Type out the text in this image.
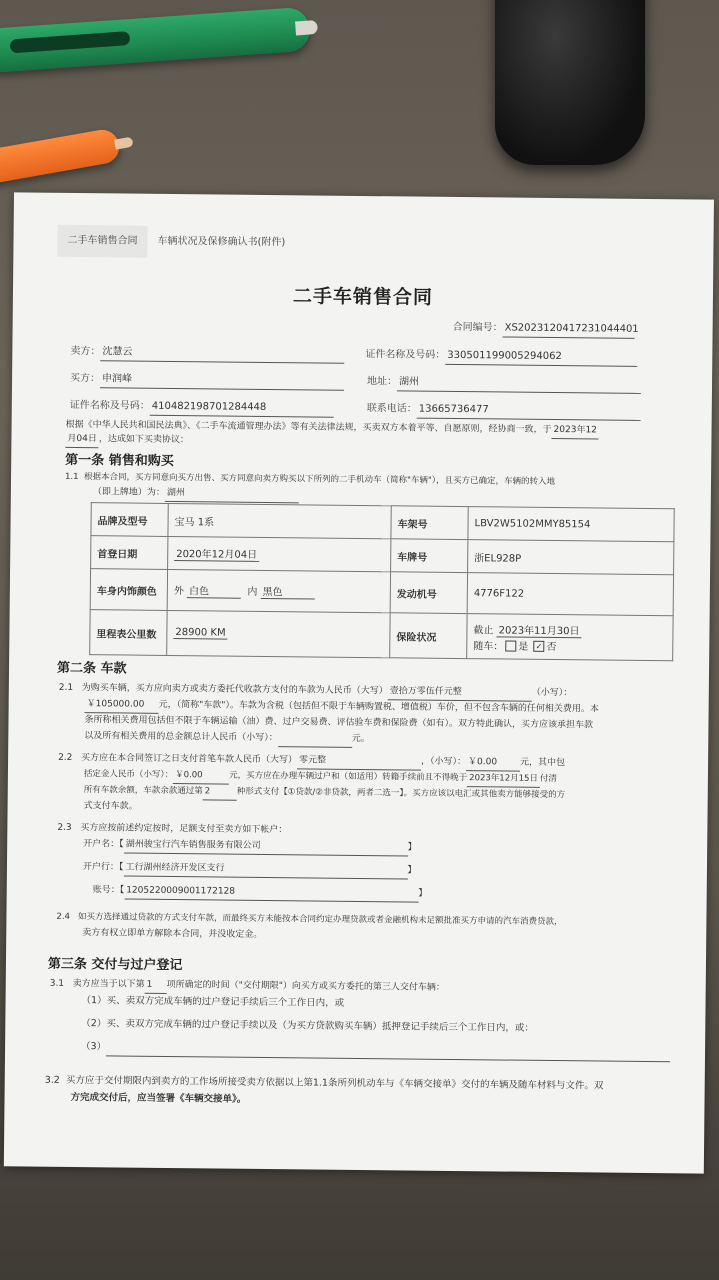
二手车销售合同	车辆状况及保修确认书(附件)
二手车销售合同
合同编号： XS2023120417231044401
卖方： 沈慧云	证件名称及号码： 330501199005294062
买方： 申润峰	地址： 湖州
证件名称及号码： 410482198701284448	联系电话： 13665736477
根据《中华人民共和国民法典》、《二手车流通管理办法》等有关法律法规，买卖双方本着平等、自愿原则，经协商一致，于 2023年12
月04日 ，达成如下买卖协议：
第一条 销售和购买
1.1 根据本合同，买方同意向买方出售、买方同意向卖方购买以下所列的二手机动车（简称"车辆"），且买方已确定，车辆的转入地
（即上牌地）为： 湖州
品牌及型号	宝马 1系	车架号	LBV2W5102MMY85154
首登日期	2020年12月04日	车牌号	浙EL928P
车身内饰颜色	外 白色 内 黑色	发动机号	4776F122
里程表公里数	28900 KM	保险状况	截止 2023年11月30日
随车： 是 ✓ 否
第二条 车款
2.1 为购买车辆，买方应向卖方或卖方委托代收款方支付的车款为人民币（大写） 壹拾万零伍仟元整	（小写）：
￥105000.00 元，（简称"车款"）。车款为含税（包括但不限于车辆购置税、增值税）车价，但不包含车辆的任何相关费用。本
条所称相关费用包括但不限于车辆运输（油）费、过户交易费、评估验车费和保险费（如有）。双方特此确认，买方应该承担车款
以及所有相关费用的总金额总计人民币（小写）：	元。
2.2 买方应在本合同签订之日支付首笔车款人民币（大写） 零元整	，（小写）： ￥0.00	元，其中包
括定金人民币（小写）： ￥0.00	元，买方应在办理车辆过户和（如适用）转籍手续前且不得晚于 2023年12月15日 付清
所有车款余额，车款余款通过第 2	种形式支付【①贷款/②非贷款，两者二选一】。买方应该以电汇或其他卖方能够接受的方
式支付车款。
2.3 买方应按前述约定按时，足额支付至卖方如下帐户：
开户名：【 湖州骏宝行汽车销售服务有限公司	】
开户行：【 工行湖州经济开发区支行	】
账号：【 1205220009001172128	】
2.4 如买方选择通过贷款的方式支付车款，而最终买方未能按本合同约定办理贷款或者金融机构未足额批准买方申请的汽车消费贷款，
卖方有权立即单方解除本合同，并没收定金。
第三条 交付与过户登记
3.1 卖方应当于以下第 1 项所确定的时间（"交付期限"）向买方或买方委托的第三人交付车辆：
（1）买、卖双方完成车辆的过户登记手续后三个工作日内，或
（2）买、卖双方完成车辆的过户登记手续以及（为买方贷款购买车辆）抵押登记手续后三个工作日内，或：
（3）
3.2 买方应于交付期限内到卖方的工作场所接受卖方依据以上第1.1条所列机动车与《车辆交接单》交付的车辆及随车材料与文件。双
方完成交付后，应当签署《车辆交接单》。
